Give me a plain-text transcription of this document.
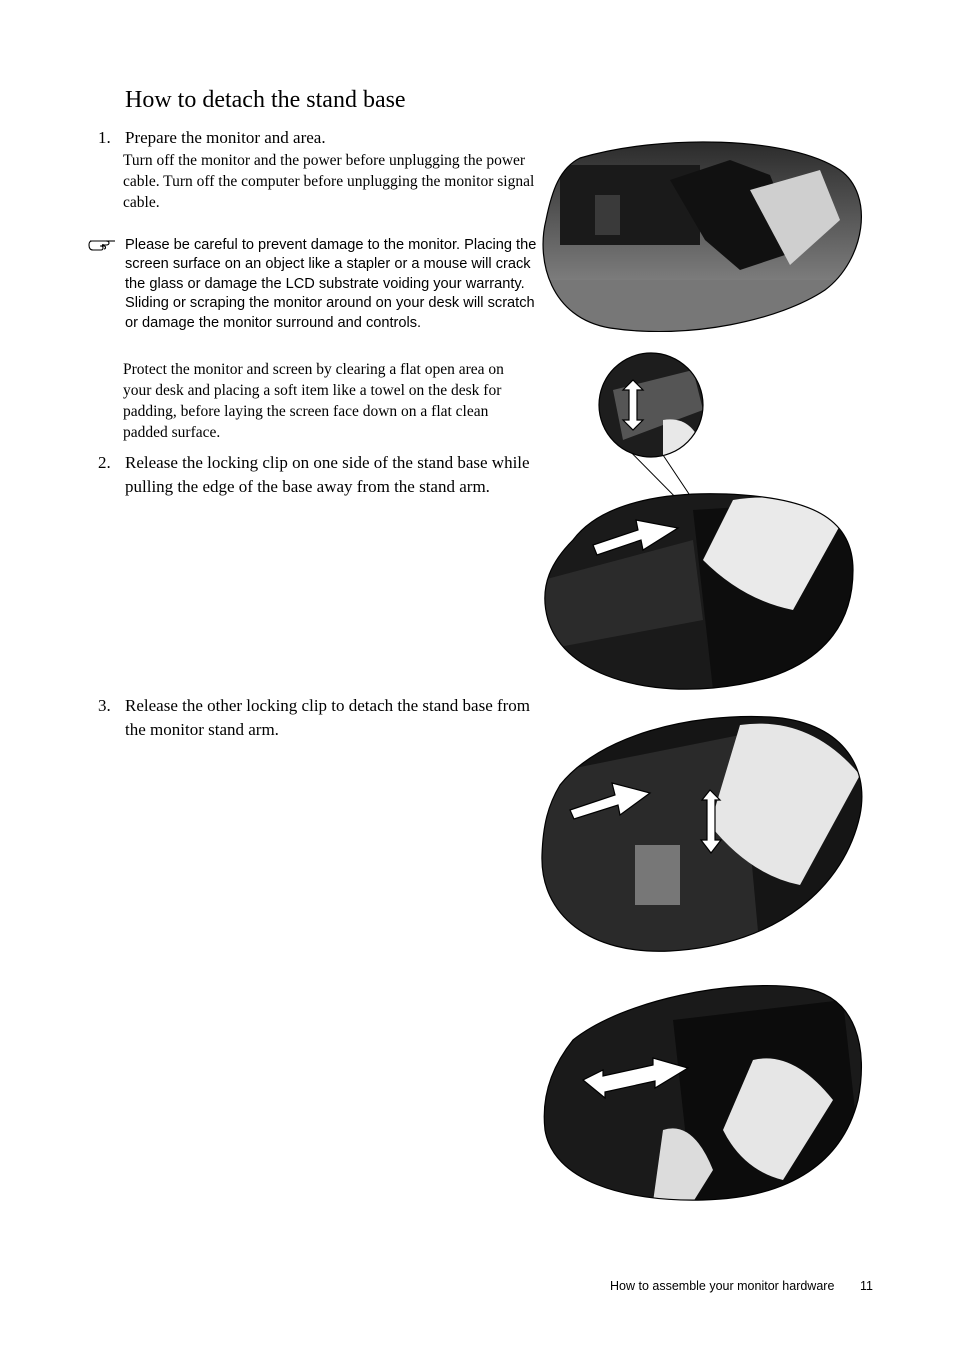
How to detach the stand base
1. Prepare the monitor and area.

Turn off the monitor and the power before unplugging the power cable. Turn off the computer before unplugging the monitor signal cable.

Please be careful to prevent damage to the monitor. Placing the screen surface on an object like a stapler or a mouse will crack the glass or damage the LCD substrate voiding your warranty. Sliding or scraping the monitor around on your desk will scratch or damage the monitor surround and controls.

Protect the monitor and screen by clearing a flat open area on your desk and placing a soft item like a towel on the desk for padding, before laying the screen face down on a flat clean padded surface.

2. Release the locking clip on one side of the stand base while pulling the edge of the base away from the stand arm.
3. Release the other locking clip to detach the stand base from the monitor stand arm.
How to assemble your monitor hardware 11
